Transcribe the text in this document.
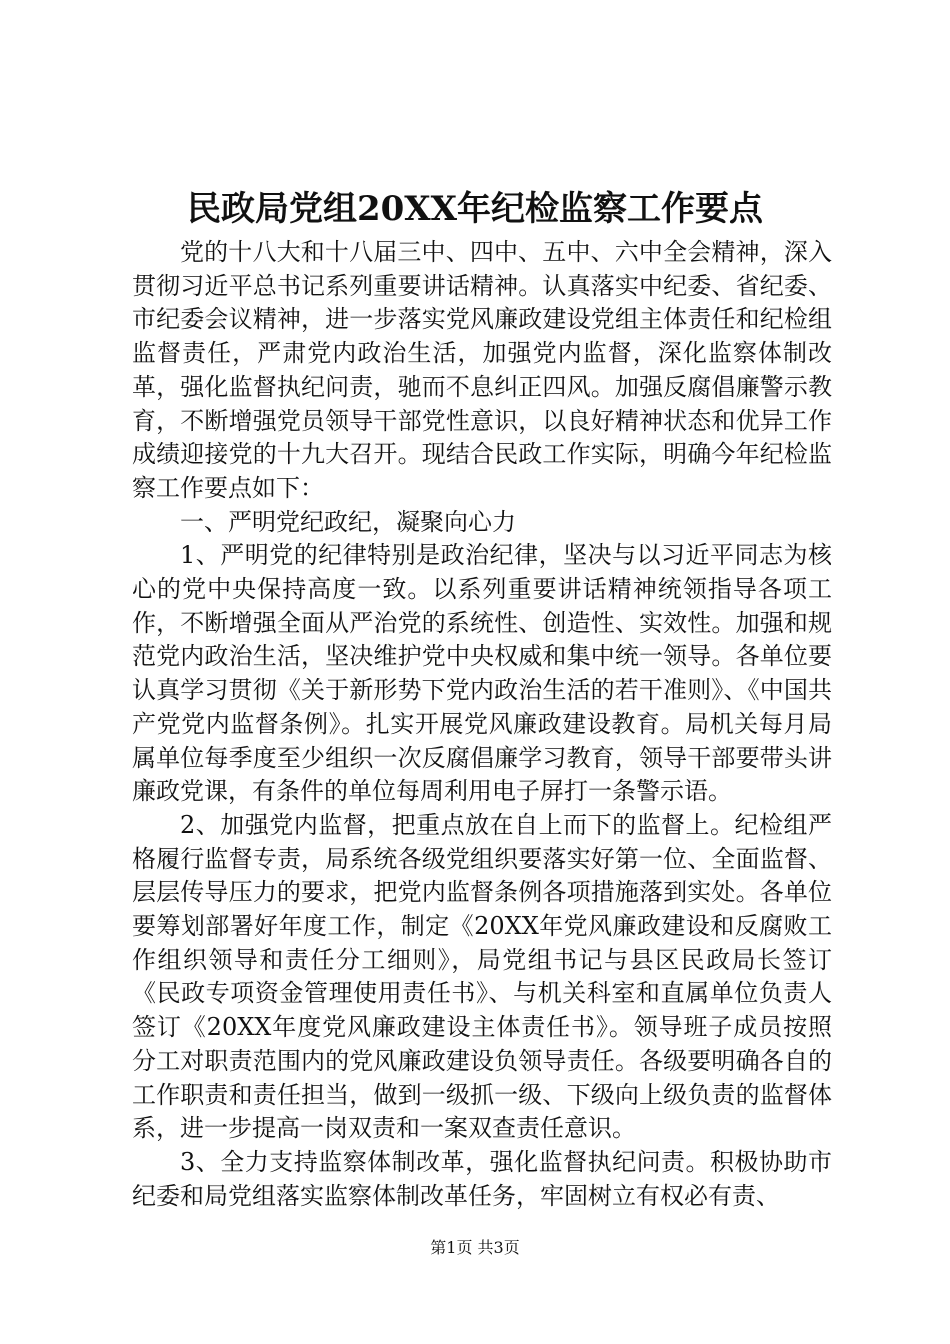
民政局党组20XX年纪检监察工作要点

党的十八大和十八届三中、四中、五中、六中全会精神，深入贯彻习近平总书记系列重要讲话精神。认真落实中纪委、省纪委、市纪委会议精神，进一步落实党风廉政建设党组主体责任和纪检组监督责任，严肃党内政治生活，加强党内监督，深化监察体制改革，强化监督执纪问责，驰而不息纠正四风。加强反腐倡廉警示教育，不断增强党员领导干部党性意识，以良好精神状态和优异工作成绩迎接党的十九大召开。现结合民政工作实际，明确今年纪检监察工作要点如下：

一、严明党纪政纪，凝聚向心力

1、严明党的纪律特别是政治纪律，坚决与以习近平同志为核心的党中央保持高度一致。以系列重要讲话精神统领指导各项工作，不断增强全面从严治党的系统性、创造性、实效性。加强和规范党内政治生活，坚决维护党中央权威和集中统一领导。各单位要认真学习贯彻《关于新形势下党内政治生活的若干准则》、《中国共产党党内监督条例》。扎实开展党风廉政建设教育。局机关每月局属单位每季度至少组织一次反腐倡廉学习教育，领导干部要带头讲廉政党课，有条件的单位每周利用电子屏打一条警示语。

2、加强党内监督，把重点放在自上而下的监督上。纪检组严格履行监督专责，局系统各级党组织要落实好第一位、全面监督、层层传导压力的要求，把党内监督条例各项措施落到实处。各单位要筹划部署好年度工作，制定《20XX年党风廉政建设和反腐败工作组织领导和责任分工细则》，局党组书记与县区民政局长签订《民政专项资金管理使用责任书》、与机关科室和直属单位负责人签订《20XX年度党风廉政建设主体责任书》。领导班子成员按照分工对职责范围内的党风廉政建设负领导责任。各级要明确各自的工作职责和责任担当，做到一级抓一级、下级向上级负责的监督体系，进一步提高一岗双责和一案双查责任意识。

3、全力支持监察体制改革，强化监督执纪问责。积极协助市纪委和局党组落实监察体制改革任务，牢固树立有权必有责、

第1页 共3页
